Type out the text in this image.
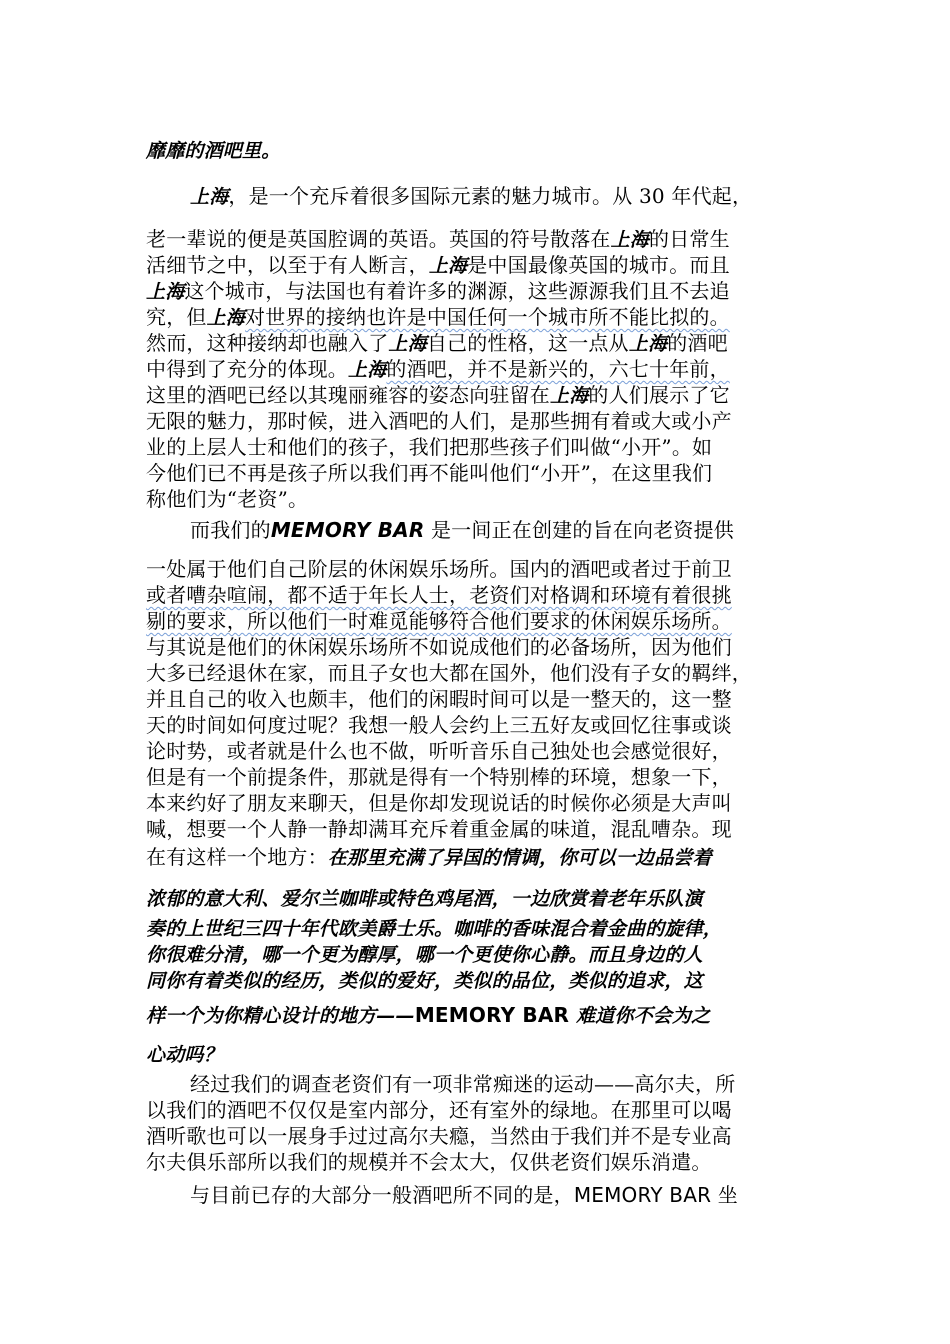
靡靡的酒吧里。
上海，是一个充斥着很多国际元素的魅力城市。从 30 年代起，
老一辈说的便是英国腔调的英语。英国的符号散落在上海的日常生
活细节之中，以至于有人断言，上海是中国最像英国的城市。而且
上海这个城市，与法国也有着许多的渊源，这些源源我们且不去追
究，但上海对世界的接纳也许是中国任何一个城市所不能比拟的。
然而，这种接纳却也融入了上海自己的性格，这一点从上海的酒吧
中得到了充分的体现。上海的酒吧，并不是新兴的，六七十年前，
这里的酒吧已经以其瑰丽雍容的姿态向驻留在上海的人们展示了它
无限的魅力，那时候，进入酒吧的人们，是那些拥有着或大或小产
业的上层人士和他们的孩子，我们把那些孩子们叫做“小开”。如
今他们已不再是孩子所以我们再不能叫他们“小开”，在这里我们
称他们为“老资”。
而我们的MEMORY BAR 是一间正在创建的旨在向老资提供
一处属于他们自己阶层的休闲娱乐场所。国内的酒吧或者过于前卫
或者嘈杂喧闹，都不适于年长人士，老资们对格调和环境有着很挑
剔的要求，所以他们一时难觅能够符合他们要求的休闲娱乐场所。
与其说是他们的休闲娱乐场所不如说成他们的必备场所，因为他们
大多已经退休在家，而且子女也大都在国外，他们没有子女的羁绊，
并且自己的收入也颇丰，他们的闲暇时间可以是一整天的，这一整
天的时间如何度过呢？我想一般人会约上三五好友或回忆往事或谈
论时势，或者就是什么也不做，听听音乐自己独处也会感觉很好，
但是有一个前提条件，那就是得有一个特别棒的环境，想象一下，
本来约好了朋友来聊天，但是你却发现说话的时候你必须是大声叫
喊，想要一个人静一静却满耳充斥着重金属的味道，混乱嘈杂。现
在有这样一个地方：在那里充满了异国的情调，你可以一边品尝着
浓郁的意大利、爱尔兰咖啡或特色鸡尾酒，一边欣赏着老年乐队演
奏的上世纪三四十年代欧美爵士乐。咖啡的香味混合着金曲的旋律，
你很难分清，哪一个更为醇厚，哪一个更使你心静。而且身边的人
同你有着类似的经历，类似的爱好，类似的品位，类似的追求，这
样一个为你精心设计的地方——MEMORY BAR 难道你不会为之
心动吗？
经过我们的调查老资们有一项非常痴迷的运动——高尔夫，所
以我们的酒吧不仅仅是室内部分，还有室外的绿地。在那里可以喝
酒听歌也可以一展身手过过高尔夫瘾，当然由于我们并不是专业高
尔夫俱乐部所以我们的规模并不会太大，仅供老资们娱乐消遣。
与目前已存的大部分一般酒吧所不同的是，MEMORY BAR 坐
